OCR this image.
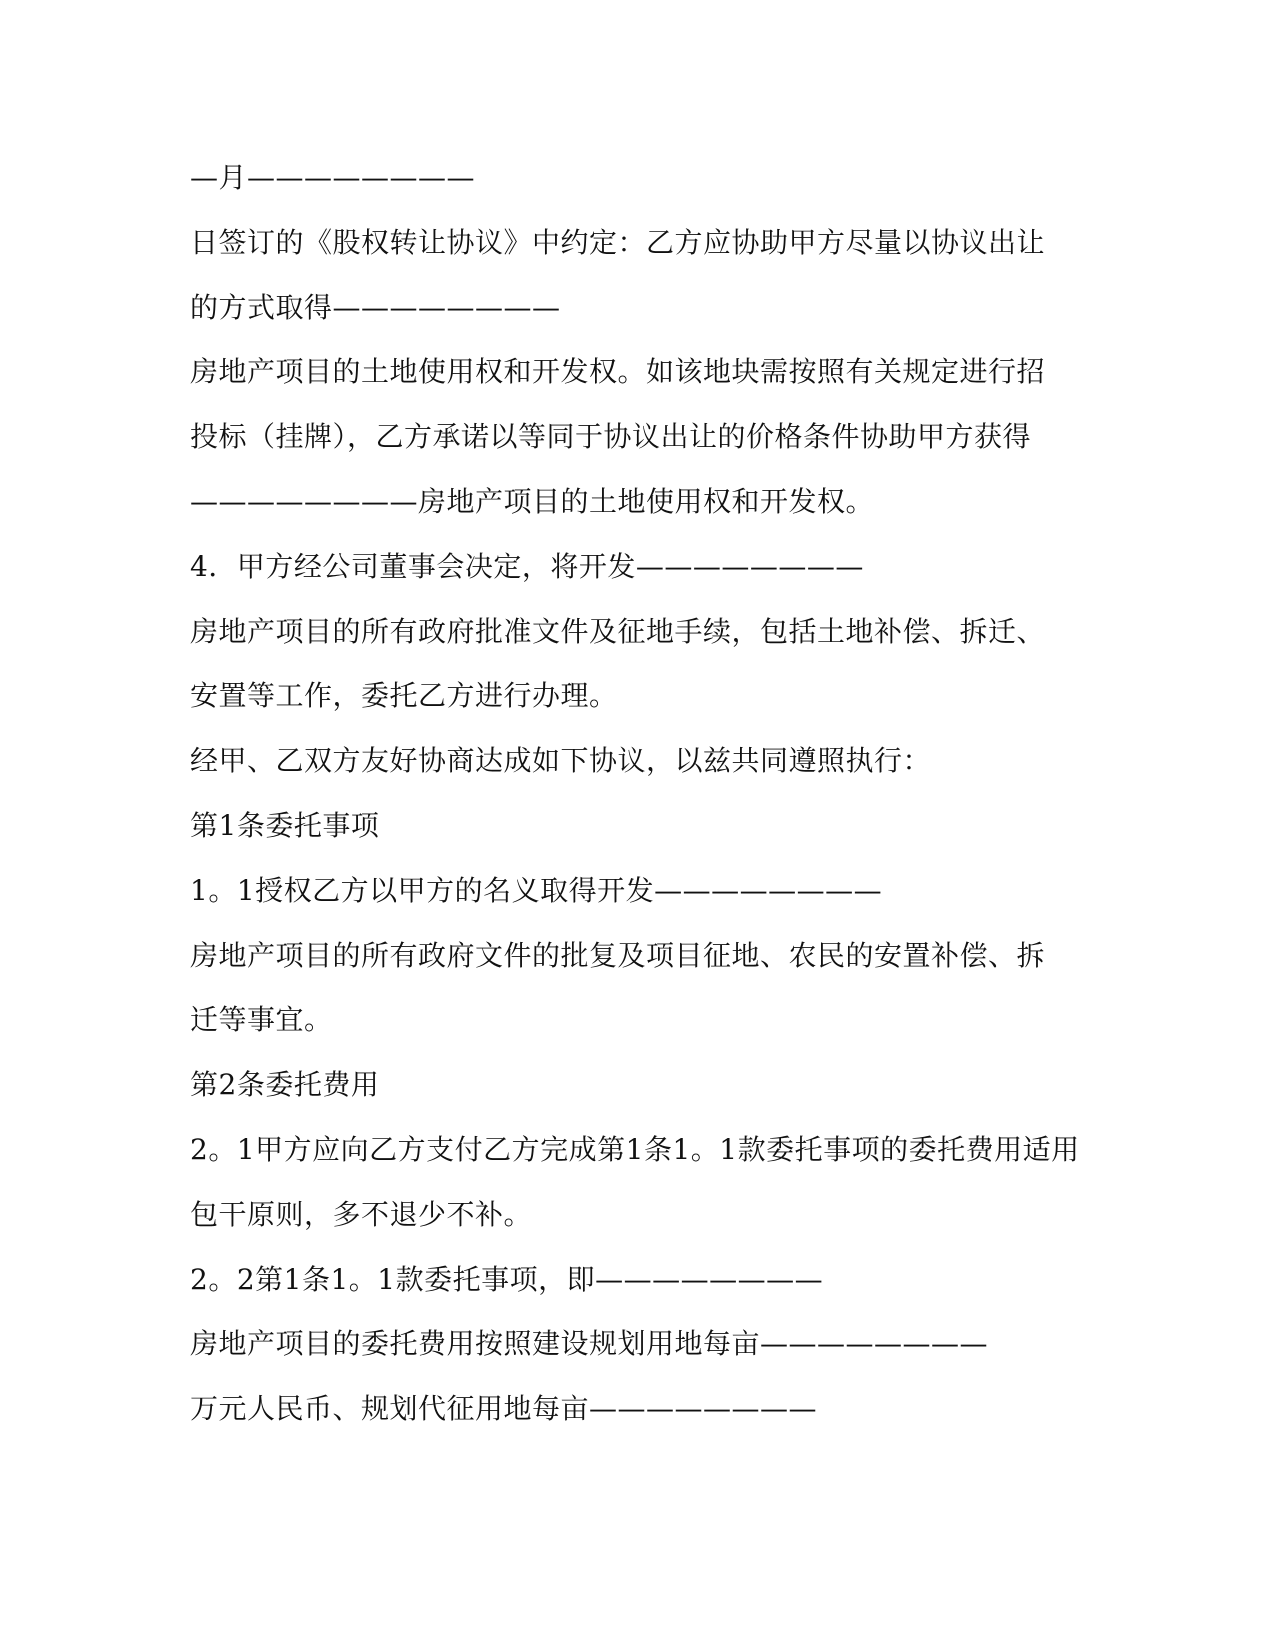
—月————————
日签订的《股权转让协议》中约定：乙方应协助甲方尽量以协议出让
的方式取得————————
房地产项目的土地使用权和开发权。如该地块需按照有关规定进行招
投标（挂牌），乙方承诺以等同于协议出让的价格条件协助甲方获得
————————房地产项目的土地使用权和开发权。
4．甲方经公司董事会决定，将开发————————
房地产项目的所有政府批准文件及征地手续，包括土地补偿、拆迁、
安置等工作，委托乙方进行办理。
经甲、乙双方友好协商达成如下协议，以兹共同遵照执行：
第1条委托事项
1。1授权乙方以甲方的名义取得开发————————
房地产项目的所有政府文件的批复及项目征地、农民的安置补偿、拆
迁等事宜。
第2条委托费用
2。1甲方应向乙方支付乙方完成第1条1。1款委托事项的委托费用适用
包干原则，多不退少不补。
2。2第1条1。1款委托事项，即————————
房地产项目的委托费用按照建设规划用地每亩————————
万元人民币、规划代征用地每亩————————
